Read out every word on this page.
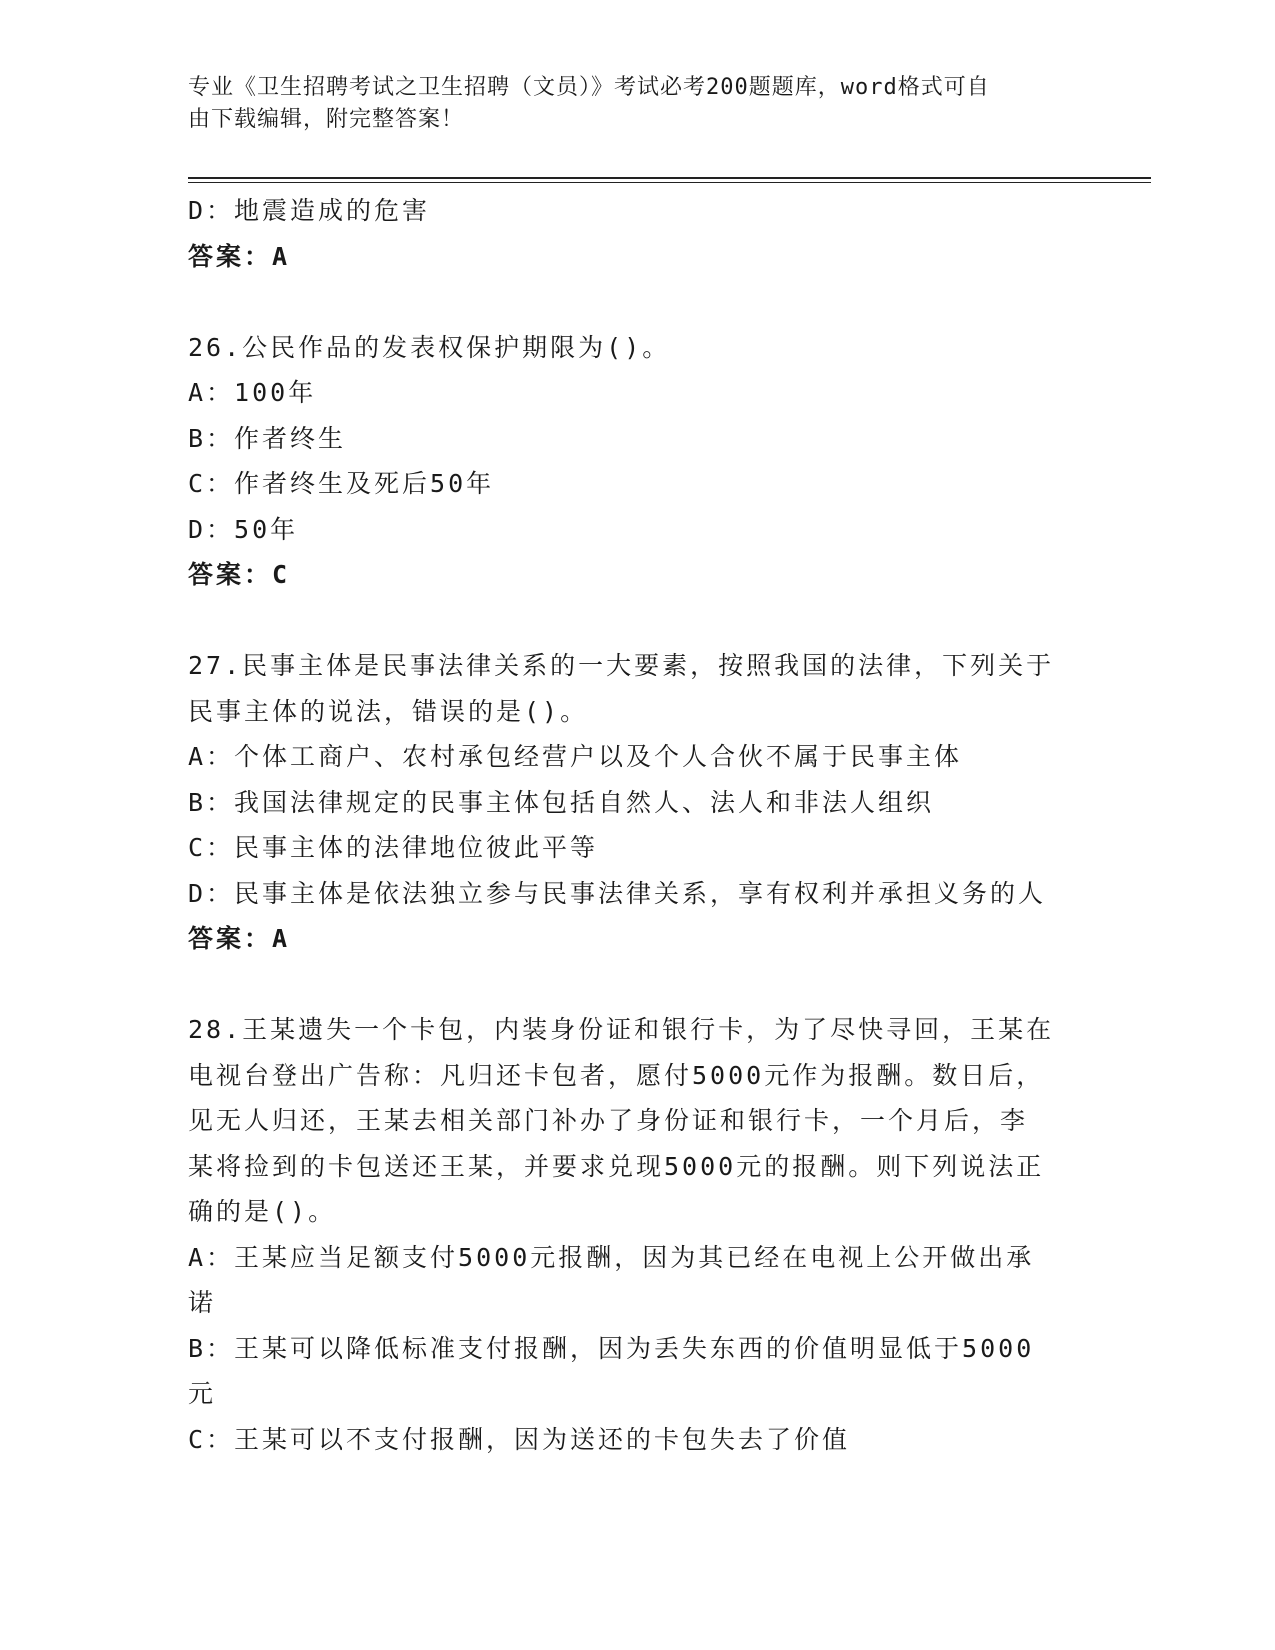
专业《卫生招聘考试之卫生招聘（文员）》考试必考200题题库，word格式可自
由下载编辑，附完整答案！
D：地震造成的危害
答案：A
26.公民作品的发表权保护期限为()。
A：100年
B：作者终生
C：作者终生及死后50年
D：50年
答案：C
27.民事主体是民事法律关系的一大要素，按照我国的法律，下列关于
民事主体的说法，错误的是()。
A：个体工商户、农村承包经营户以及个人合伙不属于民事主体
B：我国法律规定的民事主体包括自然人、法人和非法人组织
C：民事主体的法律地位彼此平等
D：民事主体是依法独立参与民事法律关系，享有权利并承担义务的人
答案：A
28.王某遗失一个卡包，内装身份证和银行卡，为了尽快寻回，王某在
电视台登出广告称：凡归还卡包者，愿付5000元作为报酬。数日后，
见无人归还，王某去相关部门补办了身份证和银行卡，一个月后，李
某将捡到的卡包送还王某，并要求兑现5000元的报酬。则下列说法正
确的是()。
A：王某应当足额支付5000元报酬，因为其已经在电视上公开做出承
诺
B：王某可以降低标准支付报酬，因为丢失东西的价值明显低于5000
元
C：王某可以不支付报酬，因为送还的卡包失去了价值
